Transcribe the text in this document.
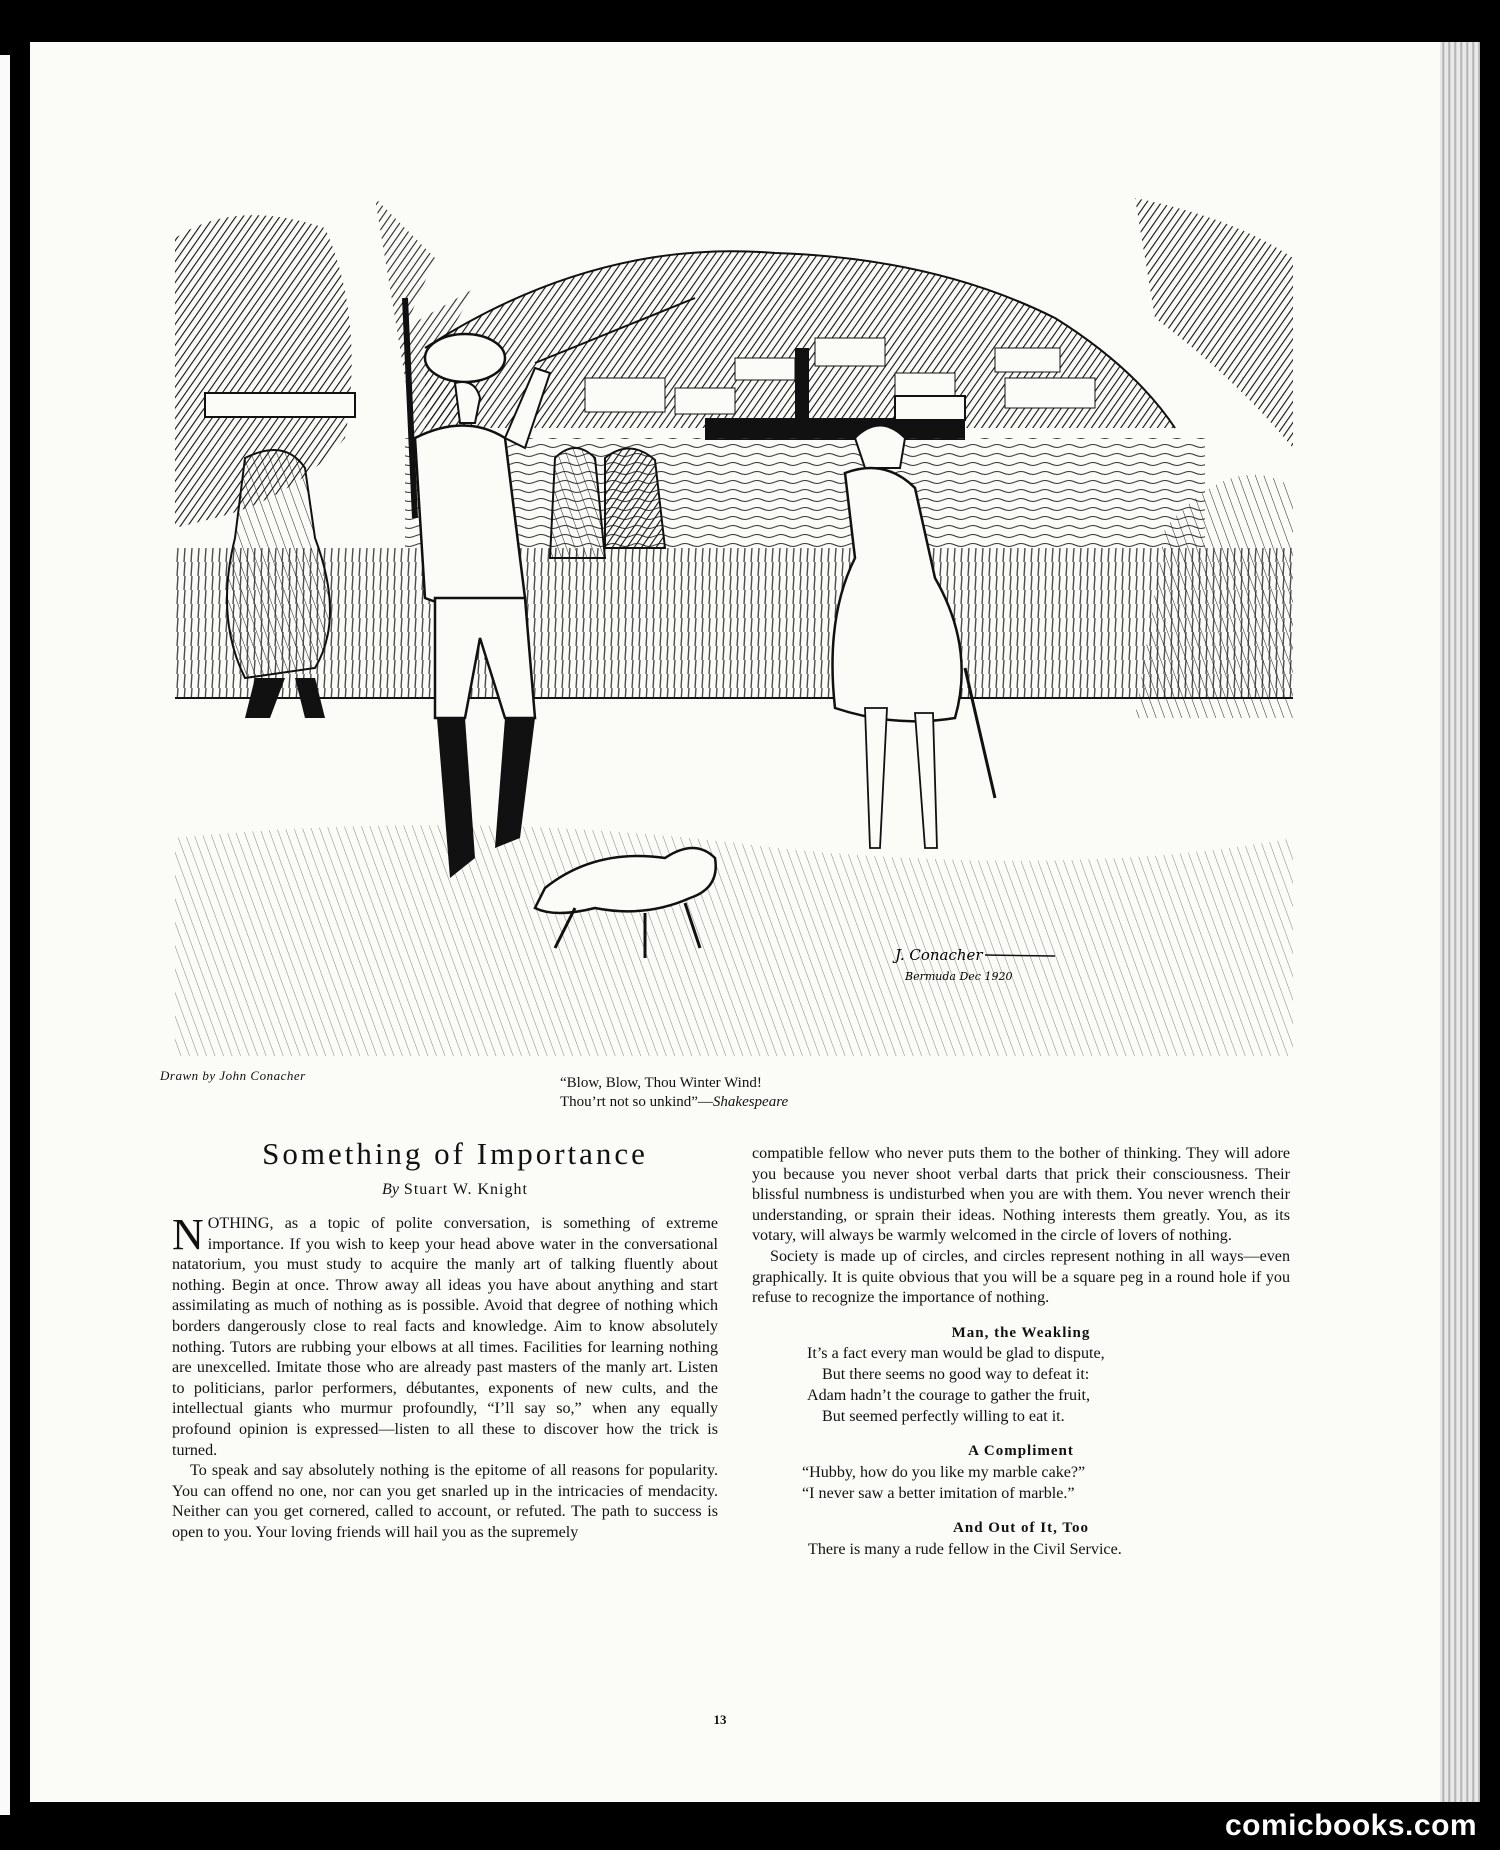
J. Conacher
Bermuda Dec 1920
Drawn by John Conacher	“Blow, Blow, Thou Winter Wind!
Thou’rt not so unkind”—Shakespeare
Something of Importance
By Stuart W. Knight

NOTHING, as a topic of polite conversation, is something of extreme importance. If you wish to keep your head above water in the conversational natatorium, you must study to acquire the manly art of talking fluently about nothing. Begin at once. Throw away all ideas you have about anything and start assimilating as much of nothing as is possible. Avoid that degree of nothing which borders dangerously close to real facts and knowledge. Aim to know absolutely nothing. Tutors are rubbing your elbows at all times. Facilities for learning nothing are unexcelled. Imitate those who are already past masters of the manly art. Listen to politicians, parlor performers, débutantes, exponents of new cults, and the intellectual giants who murmur profoundly, “I’ll say so,” when any equally profound opinion is expressed—listen to all these to discover how the trick is turned.

To speak and say absolutely nothing is the epitome of all reasons for popularity. You can offend no one, nor can you get snarled up in the intricacies of mendacity. Neither can you get cornered, called to account, or refuted. The path to success is open to you. Your loving friends will hail you as the supremely

compatible fellow who never puts them to the bother of thinking. They will adore you because you never shoot verbal darts that prick their consciousness. Their blissful numbness is undisturbed when you are with them. You never wrench their understanding, or sprain their ideas. Nothing interests them greatly. You, as its votary, will always be warmly welcomed in the circle of lovers of nothing.

Society is made up of circles, and circles represent nothing in all ways—even graphically. It is quite obvious that you will be a square peg in a round hole if you refuse to recognize the importance of nothing.

Man, the Weakling
It’s a fact every man would be glad to dispute,
But there seems no good way to defeat it:
Adam hadn’t the courage to gather the fruit,
But seemed perfectly willing to eat it.
A Compliment
“Hubby, how do you like my marble cake?”
“I never saw a better imitation of marble.”
And Out of It, Too
There is many a rude fellow in the Civil Service.
13
comicbooks.com
